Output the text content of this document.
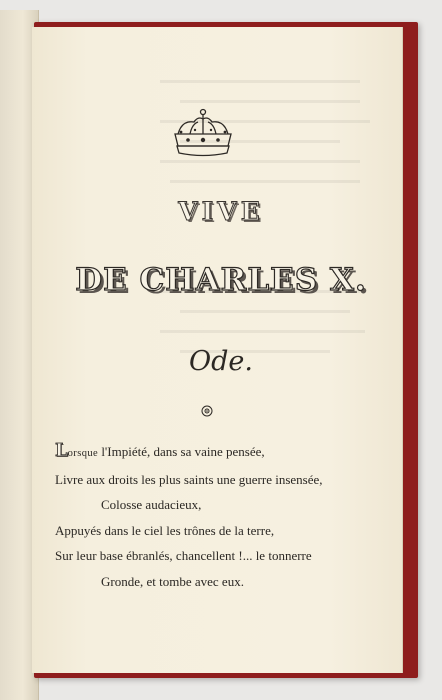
VIVE
DE CHARLES X.
Ode.
Lorsque l'Impiété, dans sa vaine pensée,
Livre aux droits les plus saints une guerre insensée,
Colosse audacieux,
Appuyés dans le ciel les trônes de la terre,
Sur leur base ébranlés, chancellent !... le tonnerre
Gronde, et tombe avec eux.
